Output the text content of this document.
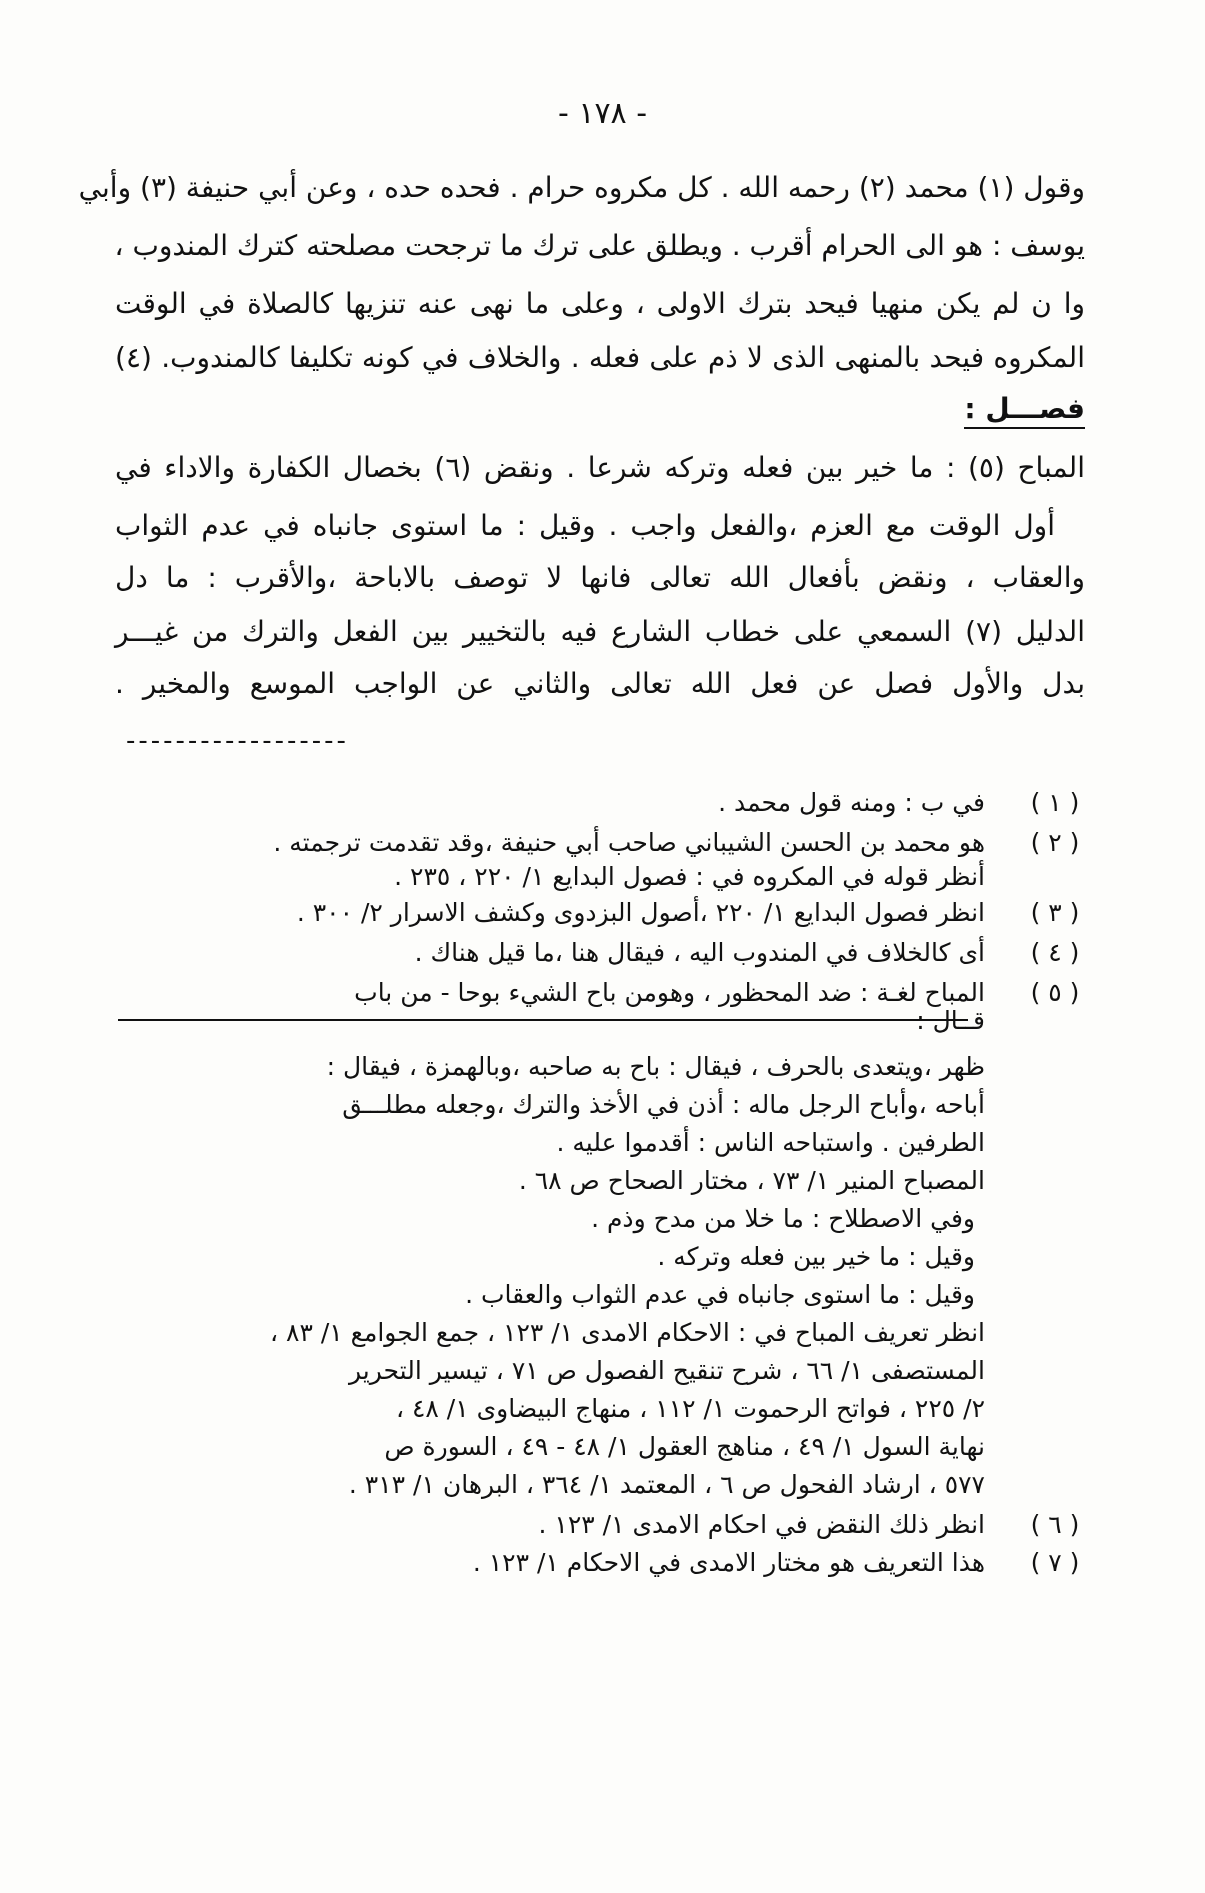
- ١٧٨ -
وقول (١) محمد (٢) رحمه الله . كل مكروه حرام . فحده حده ، وعن أبي حنيفة (٣) وأبي
يوسف : هو الى الحرام أقرب . ويطلق على ترك ما ترجحت مصلحته كترك المندوب ،
وا ن لم يكن منهيا فيحد بترك الاولى ، وعلى ما نهى عنه تنزيها كالصلاة في الوقت
المكروه فيحد بالمنهى الذى لا ذم على فعله . والخلاف في كونه تكليفا كالمندوب. (٤)
فصـــل :
المباح (٥) : ما خير بين فعله وتركه شرعا . ونقض (٦) بخصال الكفارة والاداء في
أول الوقت مع العزم ،والفعل واجب . وقيل : ما استوى جانباه في عدم الثواب
والعقاب ، ونقض بأفعال الله تعالى فانها لا توصف بالاباحة ،والأقرب : ما دل
الدليل (٧) السمعي على خطاب الشارع فيه بالتخيير بين الفعل والترك من غيـــر
بدل والأول فصل عن فعل الله تعالى والثاني عن الواجب الموسع والمخير .
------------------
( ١ )
في ب : ومنه قول محمد .
( ٢ )
هو محمد بن الحسن الشيباني صاحب أبي حنيفة ،وقد تقدمت ترجمته .
أنظر قوله في المكروه في : فصول البدايع ١/ ٢٢٠ ، ٢٣٥ .
( ٣ )
انظر فصول البدايع ١/ ٢٢٠ ،أصول البزدوى وكشف الاسرار ٢/ ٣٠٠ .
( ٤ )
أى كالخلاف في المندوب اليه ، فيقال هنا ،ما قيل هناك .
( ٥ )
المباح لغـة : ضد المحظور ، وهومن باح الشيء بوحا - من باب
قــال :
ظهر ،ويتعدى بالحرف ، فيقال : باح به صاحبه ،وبالهمزة ، فيقال :
أباحه ،وأباح الرجل ماله : أذن في الأخذ والترك ،وجعله مطلـــق
الطرفين . واستباحه الناس : أقدموا عليه .
المصباح المنير ١/ ٧٣ ، مختار الصحاح ص ٦٨ .
وفي الاصطلاح : ما خلا من مدح وذم .
وقيل : ما خير بين فعله وتركه .
وقيل : ما استوى جانباه في عدم الثواب والعقاب .
انظر تعريف المباح في : الاحكام الامدى ١/ ١٢٣ ، جمع الجوامع ١/ ٨٣ ،
المستصفى ١/ ٦٦ ، شرح تنقيح الفصول ص ٧١ ، تيسير التحرير
٢/ ٢٢٥ ، فواتح الرحموت ١/ ١١٢ ، منهاج البيضاوى ١/ ٤٨ ،
نهاية السول ١/ ٤٩ ، مناهج العقول ١/ ٤٨ - ٤٩ ، السورة ص
٥٧٧ ، ارشاد الفحول ص ٦ ، المعتمد ١/ ٣٦٤ ، البرهان ١/ ٣١٣ .
( ٦ )
انظر ذلك النقض في احكام الامدى ١/ ١٢٣ .
( ٧ )
هذا التعريف هو مختار الامدى في الاحكام ١/ ١٢٣ .
